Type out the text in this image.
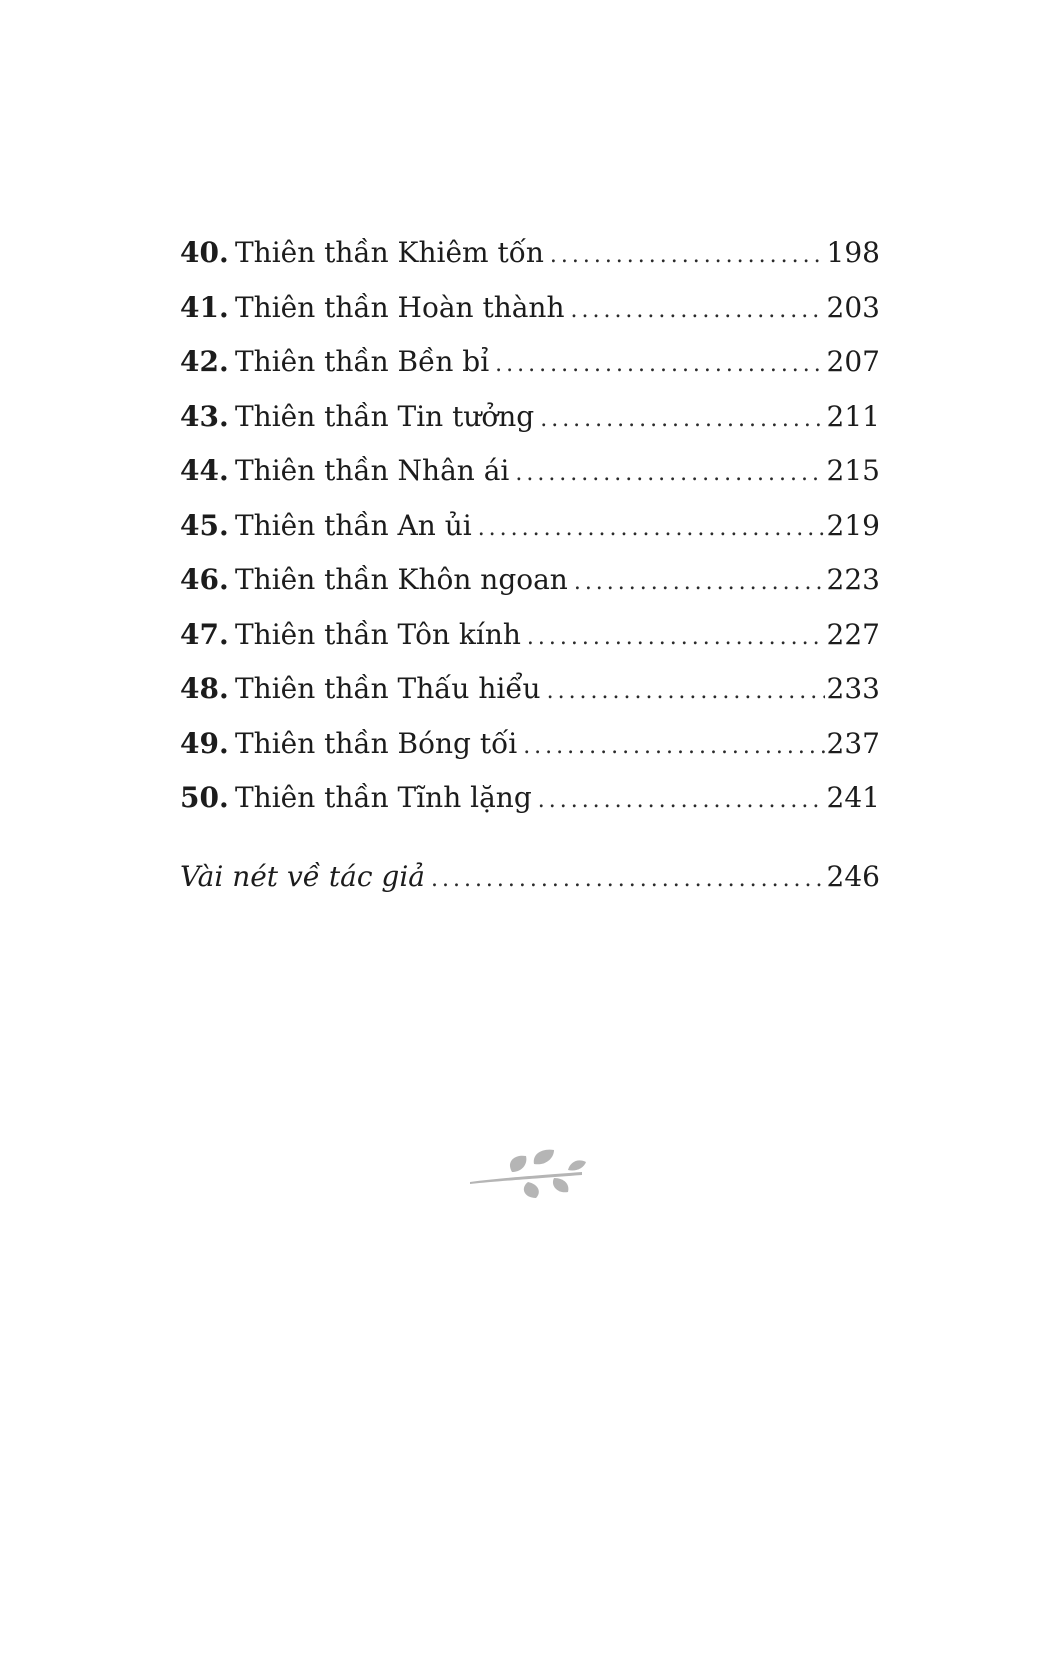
40. Thiên thần Khiêm tốn . . .	198
41. Thiên thần Hoàn thành . . .	203
42. Thiên thần Bền bỉ . . .	207
43. Thiên thần Tin tưởng . . .	211
44. Thiên thần Nhân ái . . .	215
45. Thiên thần An ủi . . .	219
46. Thiên thần Khôn ngoan . . .	223
47. Thiên thần Tôn kính . . .	227
48. Thiên thần Thấu hiểu . . .	233
49. Thiên thần Bóng tối . . .	237
50. Thiên thần Tĩnh lặng . . .	241
Vài nét về tác giả . . .	246
